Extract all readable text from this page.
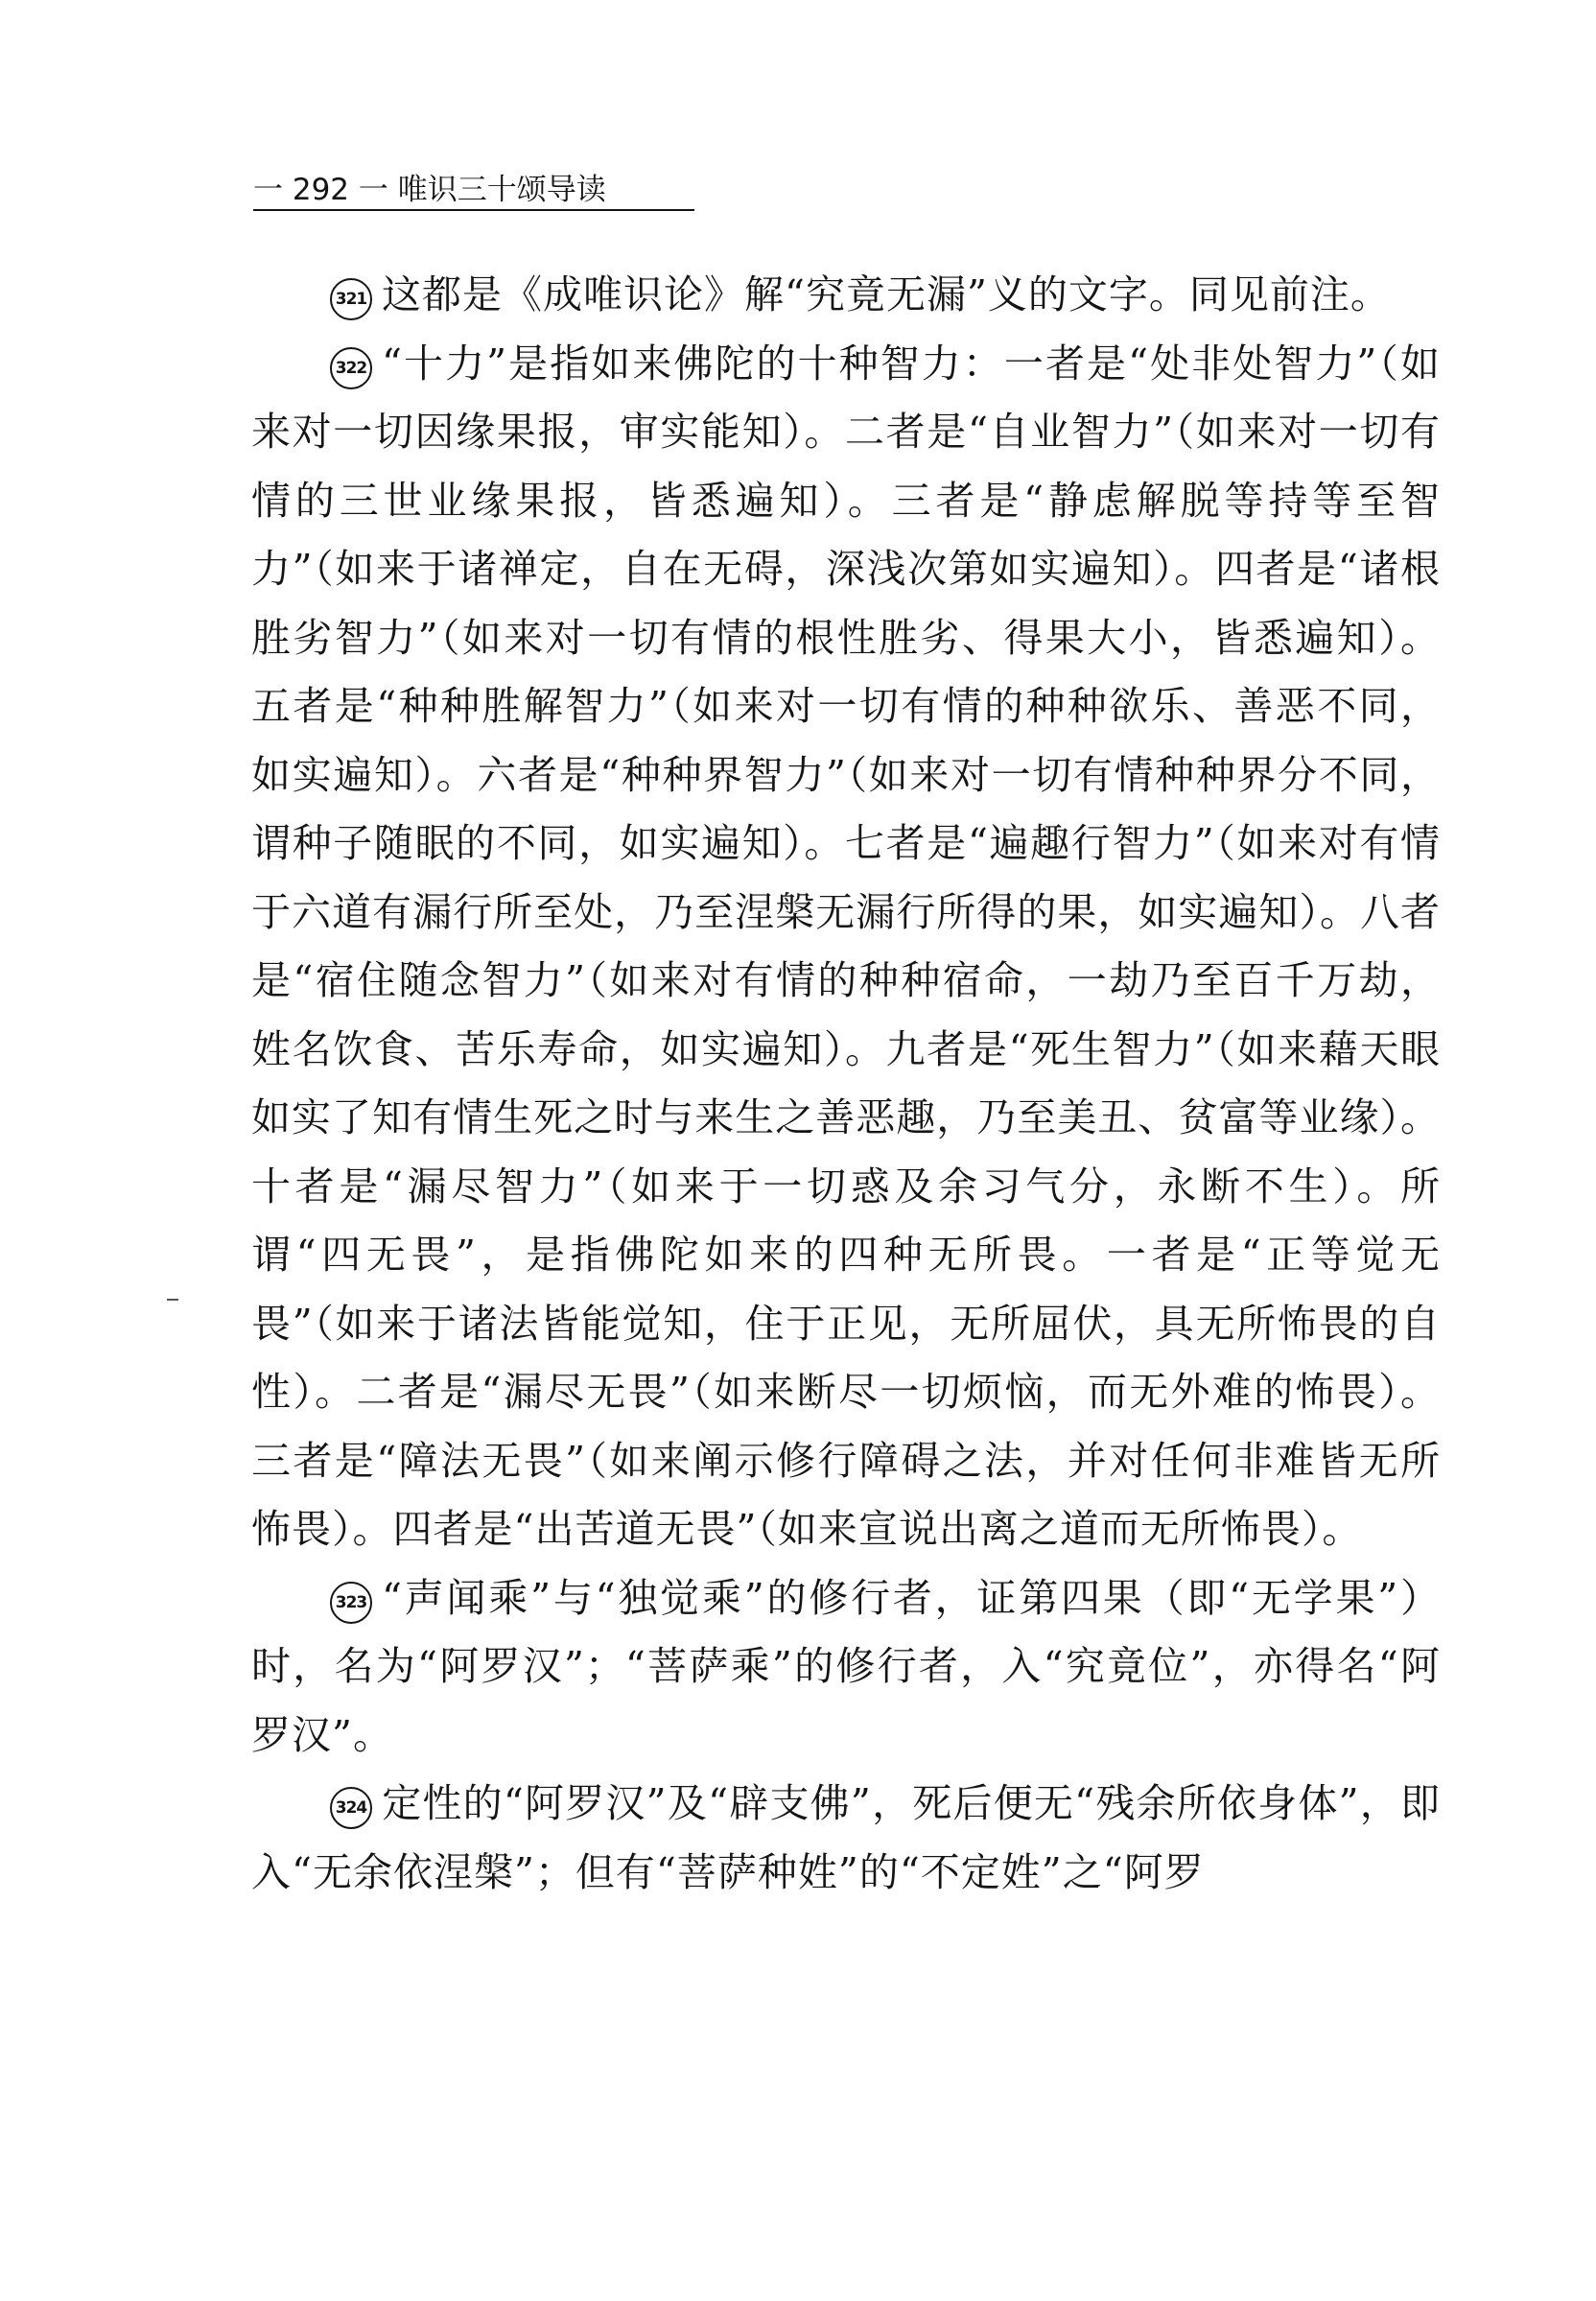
一 292 一 唯识三十颂导读

321 这都是《成唯识论》解“究竟无漏”义的文字。同见前注。

322 “十力”是指如来佛陀的十种智力：一者是“处非处智力”（如来对一切因缘果报，审实能知）。二者是“自业智力”（如来对一切有情的三世业缘果报，皆悉遍知）。三者是“静虑解脱等持等至智力”（如来于诸禅定，自在无碍，深浅次第如实遍知）。四者是“诸根胜劣智力”（如来对一切有情的根性胜劣、得果大小，皆悉遍知）。五者是“种种胜解智力”（如来对一切有情的种种欲乐、善恶不同，如实遍知）。六者是“种种界智力”（如来对一切有情种种界分不同，谓种子随眠的不同，如实遍知）。七者是“遍趣行智力”（如来对有情于六道有漏行所至处，乃至涅槃无漏行所得的果，如实遍知）。八者是“宿住随念智力”（如来对有情的种种宿命，一劫乃至百千万劫，姓名饮食、苦乐寿命，如实遍知）。九者是“死生智力”（如来藉天眼如实了知有情生死之时与来生之善恶趣，乃至美丑、贫富等业缘）。十者是“漏尽智力”（如来于一切惑及余习气分，永断不生）。所谓“四无畏”，是指佛陀如来的四种无所畏。一者是“正等觉无畏”（如来于诸法皆能觉知，住于正见，无所屈伏，具无所怖畏的自性）。二者是“漏尽无畏”（如来断尽一切烦恼，而无外难的怖畏）。三者是“障法无畏”（如来阐示修行障碍之法，并对任何非难皆无所怖畏）。四者是“出苦道无畏”（如来宣说出离之道而无所怖畏）。

323 “声闻乘”与“独觉乘”的修行者，证第四果（即“无学果”）时，名为“阿罗汉”；“菩萨乘”的修行者，入“究竟位”，亦得名“阿罗汉”。

324 定性的“阿罗汉”及“辟支佛”，死后便无“残余所依身体”，即入“无余依涅槃”；但有“菩萨种姓”的“不定姓”之“阿罗
